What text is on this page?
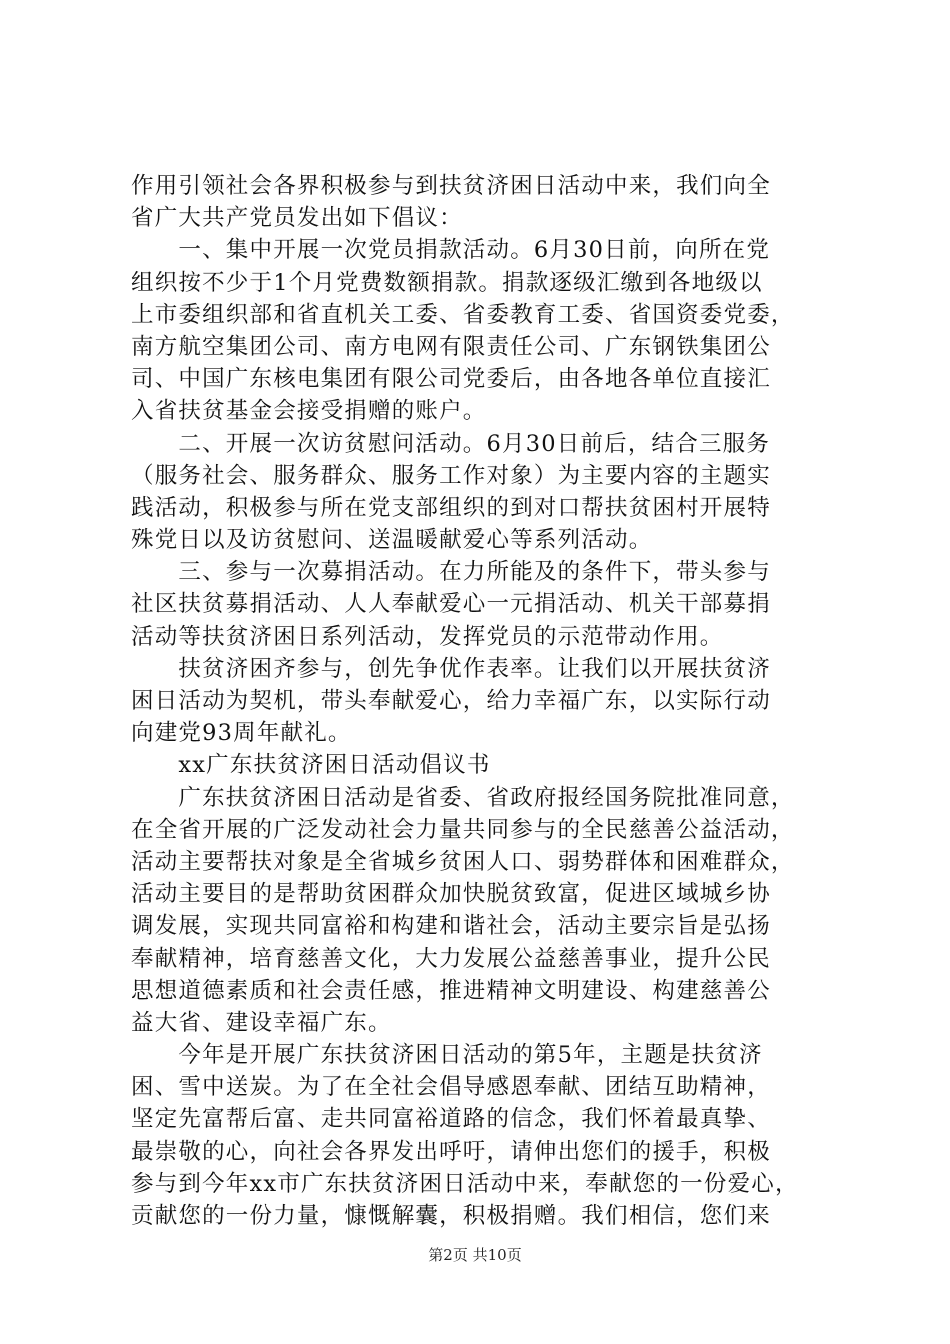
作用引领社会各界积极参与到扶贫济困日活动中来，我们向全
省广大共产党员发出如下倡议：
　　一、集中开展一次党员捐款活动。6月30日前，向所在党
组织按不少于1个月党费数额捐款。捐款逐级汇缴到各地级以
上市委组织部和省直机关工委、省委教育工委、省国资委党委，
南方航空集团公司、南方电网有限责任公司、广东钢铁集团公
司、中国广东核电集团有限公司党委后，由各地各单位直接汇
入省扶贫基金会接受捐赠的账户。
　　二、开展一次访贫慰问活动。6月30日前后，结合三服务
（服务社会、服务群众、服务工作对象）为主要内容的主题实
践活动，积极参与所在党支部组织的到对口帮扶贫困村开展特
殊党日以及访贫慰问、送温暖献爱心等系列活动。
　　三、参与一次募捐活动。在力所能及的条件下，带头参与
社区扶贫募捐活动、人人奉献爱心一元捐活动、机关干部募捐
活动等扶贫济困日系列活动，发挥党员的示范带动作用。
　　扶贫济困齐参与，创先争优作表率。让我们以开展扶贫济
困日活动为契机，带头奉献爱心，给力幸福广东，以实际行动
向建党93周年献礼。
　　xx广东扶贫济困日活动倡议书
　　广东扶贫济困日活动是省委、省政府报经国务院批准同意，
在全省开展的广泛发动社会力量共同参与的全民慈善公益活动，
活动主要帮扶对象是全省城乡贫困人口、弱势群体和困难群众，
活动主要目的是帮助贫困群众加快脱贫致富，促进区域城乡协
调发展，实现共同富裕和构建和谐社会，活动主要宗旨是弘扬
奉献精神，培育慈善文化，大力发展公益慈善事业，提升公民
思想道德素质和社会责任感，推进精神文明建设、构建慈善公
益大省、建设幸福广东。
　　今年是开展广东扶贫济困日活动的第5年，主题是扶贫济
困、雪中送炭。为了在全社会倡导感恩奉献、团结互助精神，
坚定先富帮后富、走共同富裕道路的信念，我们怀着最真挚、
最崇敬的心，向社会各界发出呼吁，请伸出您们的援手，积极
参与到今年xx市广东扶贫济困日活动中来，奉献您的一份爱心，
贡献您的一份力量，慷慨解囊，积极捐赠。我们相信，您们来
第2页 共10页
